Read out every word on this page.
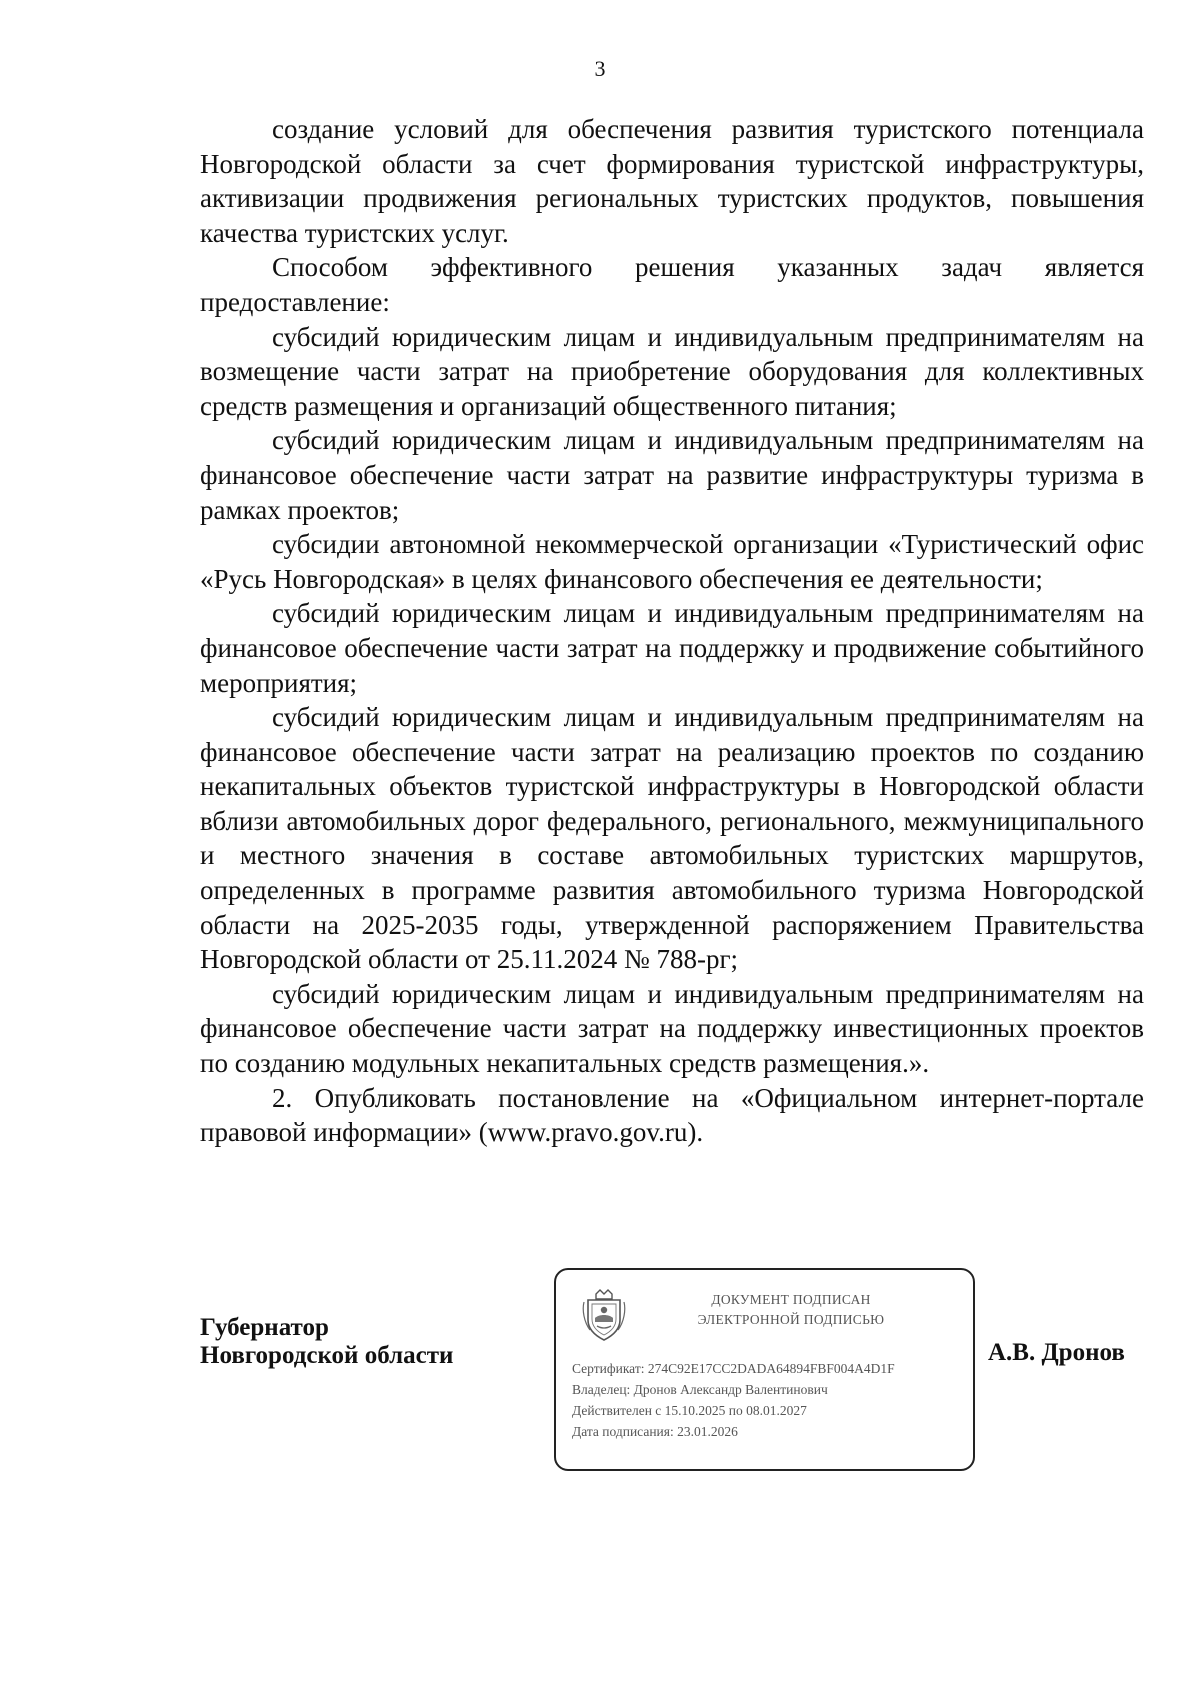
3

создание условий для обеспечения развития туристского потенциала Новгородской области за счет формирования туристской инфраструктуры, активизации продвижения региональных туристских продуктов, повышения качества туристских услуг.

Способом эффективного решения указанных задач является предоставление:

субсидий юридическим лицам и индивидуальным предпринимателям на возмещение части затрат на приобретение оборудования для коллективных средств размещения и организаций общественного питания;

субсидий юридическим лицам и индивидуальным предпринимателям на финансовое обеспечение части затрат на развитие инфраструктуры туризма в рамках проектов;

субсидии автономной некоммерческой организации «Туристический офис «Русь Новгородская» в целях финансового обеспечения ее деятельности;

субсидий юридическим лицам и индивидуальным предпринимателям на финансовое обеспечение части затрат на поддержку и продвижение событийного мероприятия;

субсидий юридическим лицам и индивидуальным предпринимателям на финансовое обеспечение части затрат на реализацию проектов по созданию некапитальных объектов туристской инфраструктуры в Новгородской области вблизи автомобильных дорог федерального, регионального, межмуниципального и местного значения в составе автомобильных туристских маршрутов, определенных в программе развития автомобильного туризма Новгородской области на 2025-2035 годы, утвержденной распоряжением Правительства Новгородской области от 25.11.2024 № 788-рг;

субсидий юридическим лицам и индивидуальным предпринимателям на финансовое обеспечение части затрат на поддержку инвестиционных проектов по созданию модульных некапитальных средств размещения.».

2. Опубликовать постановление на «Официальном интернет-портале правовой информации» (www.pravo.gov.ru).

Губернатор
Новгородской области
ДОКУМЕНТ ПОДПИСАН
ЭЛЕКТРОННОЙ ПОДПИСЬЮ
Сертификат: 274C92E17CC2DADA64894FBF004A4D1F
Владелец: Дронов Александр Валентинович
Действителен с 15.10.2025 по 08.01.2027
Дата подписания: 23.01.2026
А.В. Дронов
